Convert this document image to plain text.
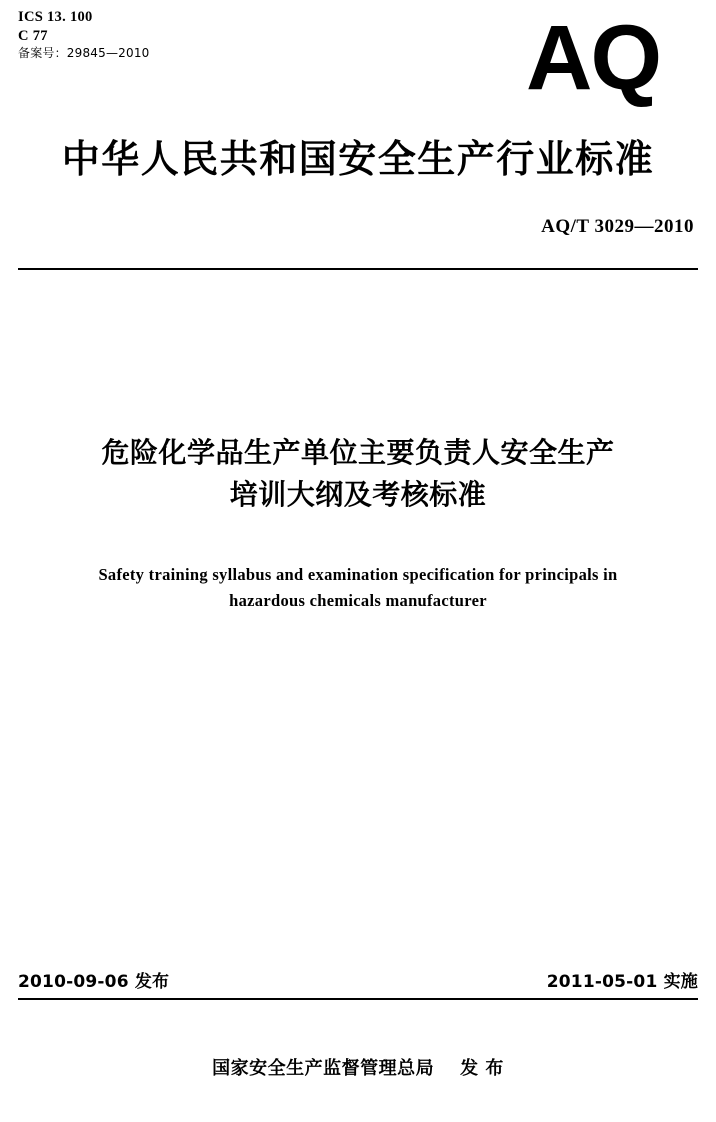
ICS 13. 100
C 77
备案号：29845—2010	AQ
中华人民共和国安全生产行业标准
AQ/T 3029—2010
危险化学品生产单位主要负责人安全生产
培训大纲及考核标准
Safety training syllabus and examination specification for principals in
hazardous chemicals manufacturer
2010-09-06 发布	2011-05-01 实施
国家安全生产监督管理总局 发 布
